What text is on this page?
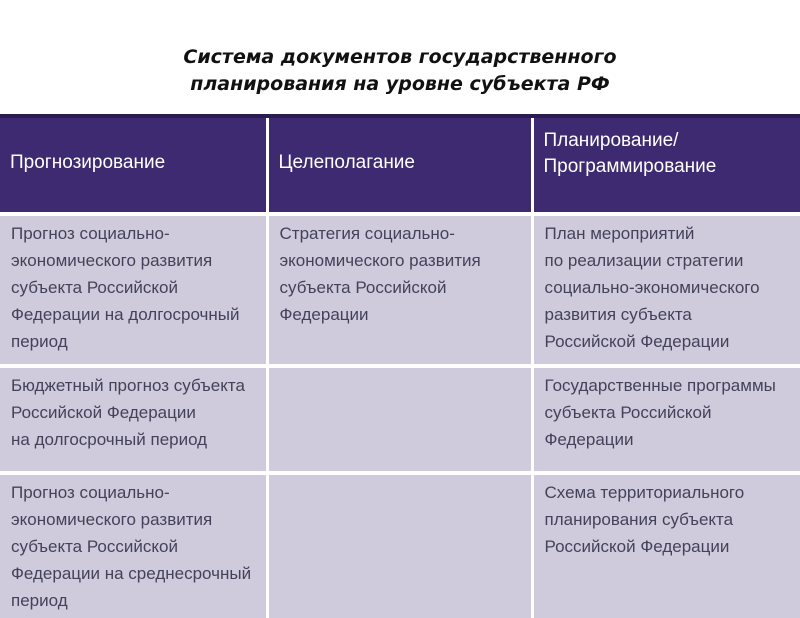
Система документов государственного
планирования на уровне субъекта РФ
Прогнозирование	Целеполагание	Планирование/
Программирование

Прогноз социально-
экономического развития
субъекта Российской
Федерации на долгосрочный
период	Стратегия социально-
экономического развития
субъекта Российской
Федерации	План мероприятий
по реализации стратегии
социально-экономического
развития субъекта
Российской Федерации

Бюджетный прогноз субъекта
Российской Федерации
на долгосрочный период		Государственные программы
субъекта Российской
Федерации

Прогноз социально-
экономического развития
субъекта Российской
Федерации на среднесрочный
период		Схема территориального
планирования субъекта
Российской Федерации
